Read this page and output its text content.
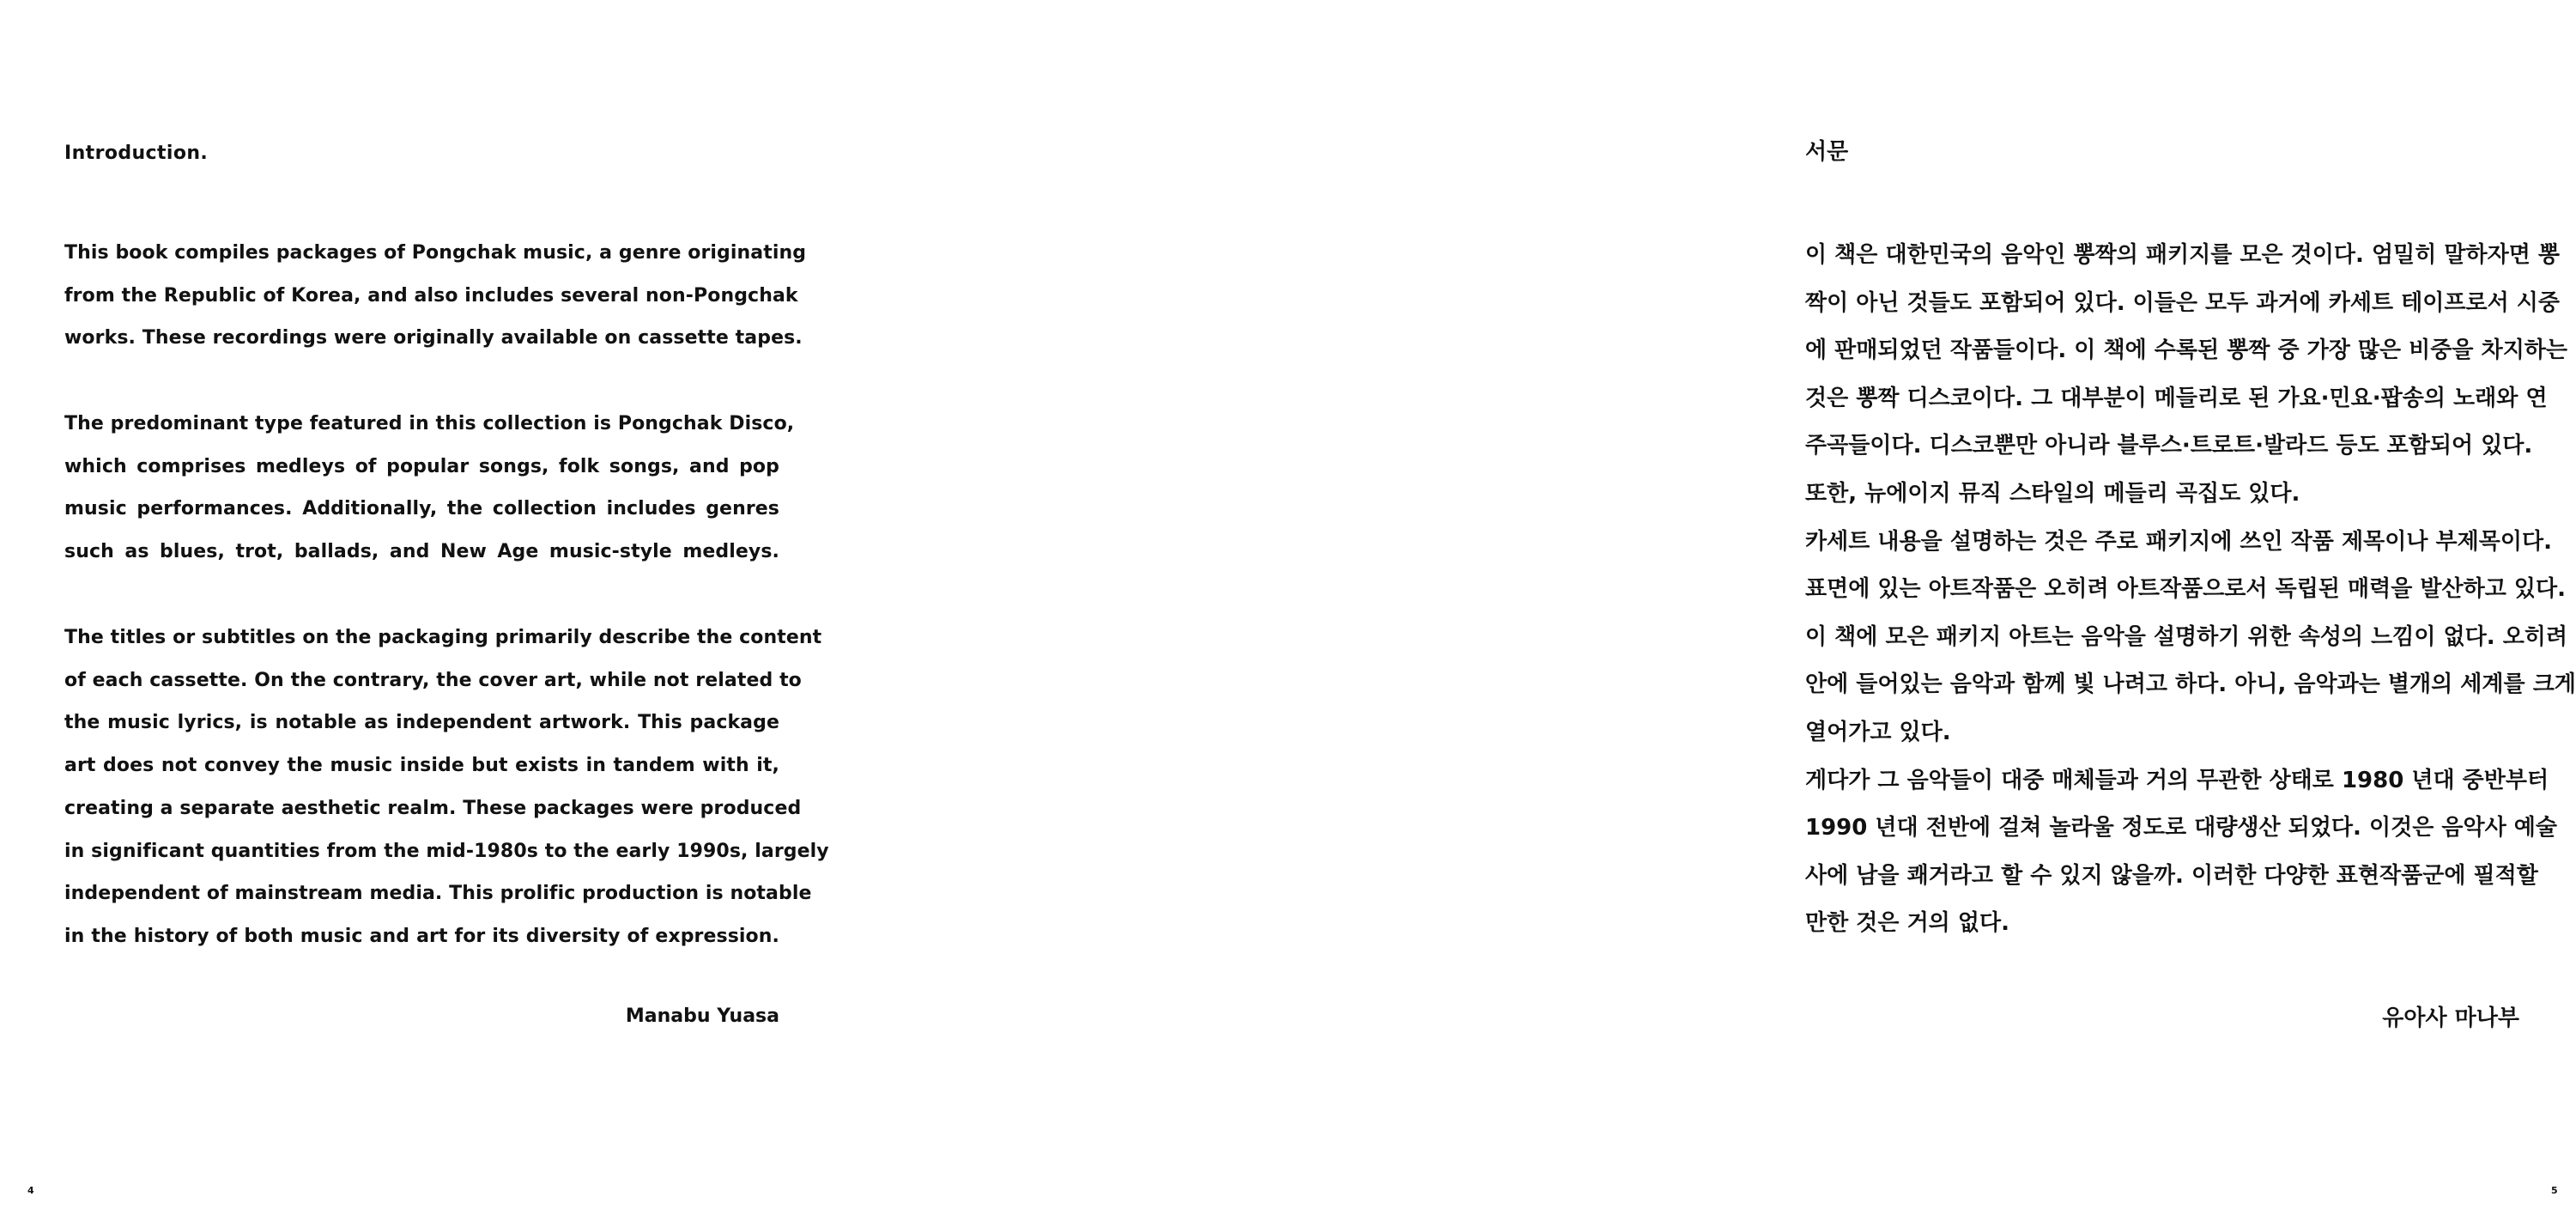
Introduction.
This book compiles packages of Pongchak music, a genre originating
from the Republic of Korea, and also includes several non-Pongchak
works. These recordings were originally available on cassette tapes.
The predominant type featured in this collection is Pongchak Disco,
which comprises medleys of popular songs, folk songs, and pop
music performances. Additionally, the collection includes genres
such as blues, trot, ballads, and New Age music-style medleys.
The titles or subtitles on the packaging primarily describe the content
of each cassette. On the contrary, the cover art, while not related to
the music lyrics, is notable as independent artwork. This package
art does not convey the music inside but exists in tandem with it,
creating a separate aesthetic realm. These packages were produced
in significant quantities from the mid-1980s to the early 1990s, largely
independent of mainstream media. This prolific production is notable
in the history of both music and art for its diversity of expression.
Manabu Yuasa
4
서문
이 책은 대한민국의 음악인 뽕짝의 패키지를 모은 것이다. 엄밀히 말하자면 뽕
짝이 아닌 것들도 포함되어 있다. 이들은 모두 과거에 카세트 테이프로서 시중
에 판매되었던 작품들이다. 이 책에 수록된 뽕짝 중 가장 많은 비중을 차지하는
것은 뽕짝 디스코이다. 그 대부분이 메들리로 된 가요·민요·팝송의 노래와 연
주곡들이다. 디스코뿐만 아니라 블루스·트로트·발라드 등도 포함되어 있다.
또한, 뉴에이지 뮤직 스타일의 메들리 곡집도 있다.
카세트 내용을 설명하는 것은 주로 패키지에 쓰인 작품 제목이나 부제목이다.
표면에 있는 아트작품은 오히려 아트작품으로서 독립된 매력을 발산하고 있다.
이 책에 모은 패키지 아트는 음악을 설명하기 위한 속성의 느낌이 없다. 오히려
안에 들어있는 음악과 함께 빛 나려고 하다. 아니, 음악과는 별개의 세계를 크게
열어가고 있다.
게다가 그 음악들이 대중 매체들과 거의 무관한 상태로 1980 년대 중반부터
1990 년대 전반에 걸쳐 놀라울 정도로 대량생산 되었다. 이것은 음악사 예술
사에 남을 쾌거라고 할 수 있지 않을까. 이러한 다양한 표현작품군에 필적할
만한 것은 거의 없다.
유아사 마나부
5
